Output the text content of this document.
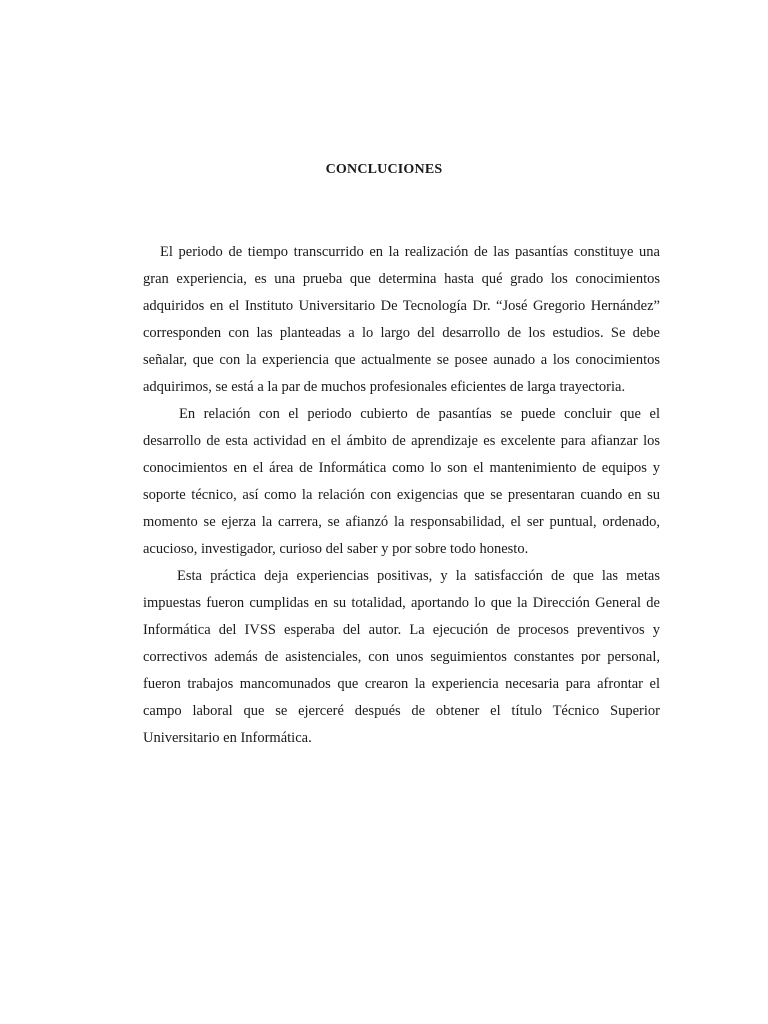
CONCLUCIONES

El periodo de tiempo transcurrido en la realización de las pasantías constituye una gran experiencia, es una prueba que determina hasta qué grado los conocimientos adquiridos en el Instituto Universitario De Tecnología Dr. “José Gregorio Hernández” corresponden con las planteadas a lo largo del desarrollo de los estudios. Se debe señalar, que con la experiencia que actualmente se posee aunado a los conocimientos adquirimos, se está a la par de muchos profesionales eficientes de larga trayectoria.

En relación con el periodo cubierto de pasantías se puede concluir que el desarrollo de esta actividad en el ámbito de aprendizaje es excelente para afianzar los conocimientos en el área de Informática como lo son el mantenimiento de equipos y soporte técnico, así como la relación con exigencias que se presentaran cuando en su momento se ejerza la carrera, se afianzó la responsabilidad, el ser puntual, ordenado, acucioso, investigador, curioso del saber y por sobre todo honesto.

Esta práctica deja experiencias positivas, y la satisfacción de que las metas impuestas fueron cumplidas en su totalidad, aportando lo que la Dirección General de Informática del IVSS esperaba del autor. La ejecución de procesos preventivos y correctivos además de asistenciales, con unos seguimientos constantes por personal, fueron trabajos mancomunados que crearon la experiencia necesaria para afrontar el campo laboral que se ejerceré después de obtener el título Técnico Superior Universitario en Informática.
